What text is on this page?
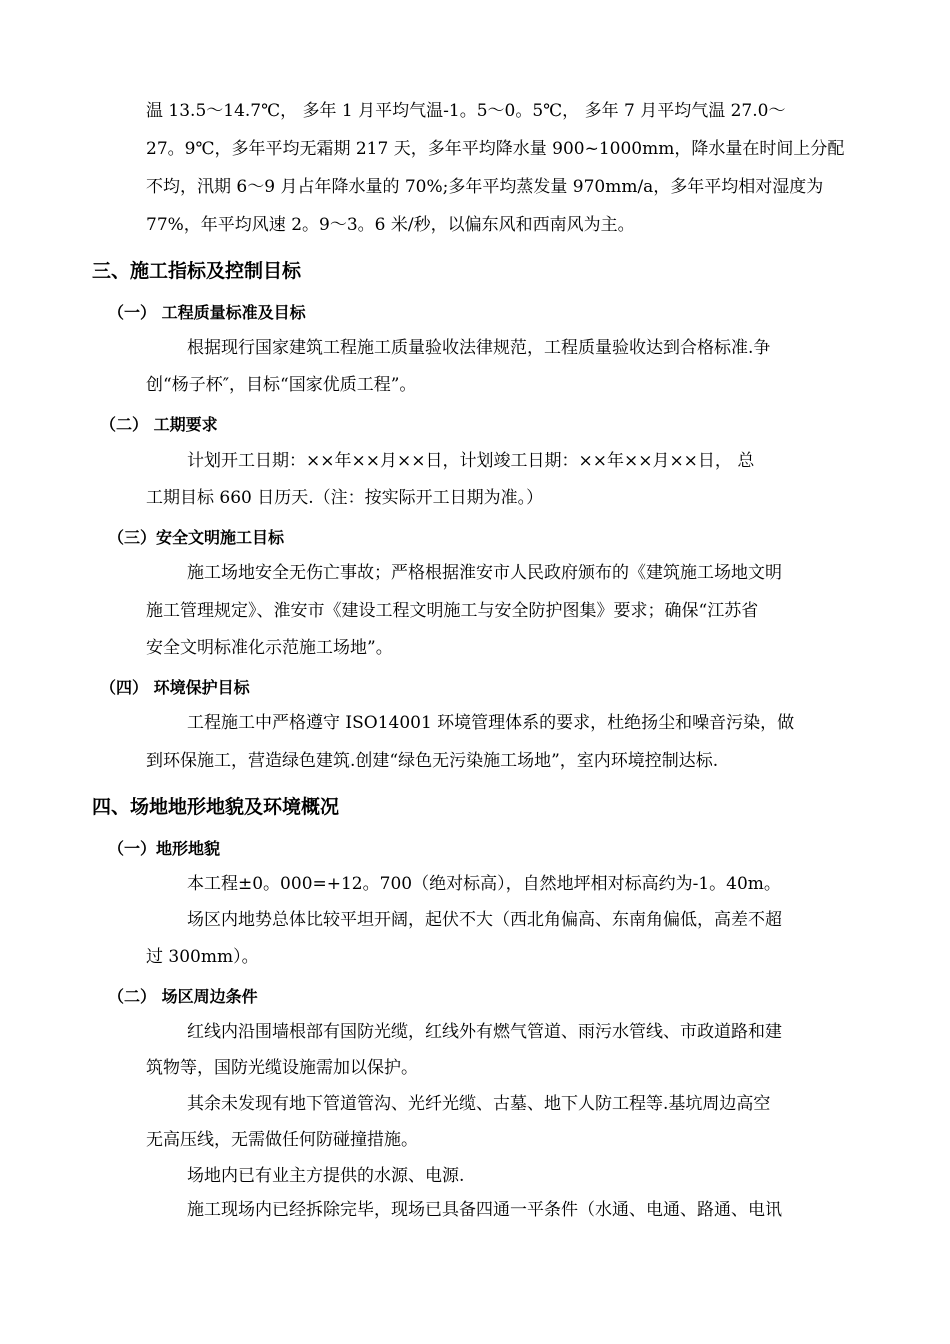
温 13.5～14.7℃， 多年 1 月平均气温-1。5～0。5℃， 多年 7 月平均气温 27.0～
27。9℃，多年平均无霜期 217 天，多年平均降水量 900~1000mm，降水量在时间上分配
不均，汛期 6～9 月占年降水量的 70%;多年平均蒸发量 970mm/a，多年平均相对湿度为
77%，年平均风速 2。9～3。6 米/秒，以偏东风和西南风为主。
三、施工指标及控制目标
（一） 工程质量标准及目标
根据现行国家建筑工程施工质量验收法律规范，工程质量验收达到合格标准.争
创“杨子杯″，目标“国家优质工程”。
（二） 工期要求
计划开工日期：××年××月××日，计划竣工日期：××年××月××日， 总
工期目标 660 日历天.（注：按实际开工日期为准。）
（三）安全文明施工目标
施工场地安全无伤亡事故；严格根据淮安市人民政府颁布的《建筑施工场地文明
施工管理规定》、淮安市《建设工程文明施工与安全防护图集》要求；确保“江苏省
安全文明标准化示范施工场地”。
（四） 环境保护目标
工程施工中严格遵守 ISO14001 环境管理体系的要求，杜绝扬尘和噪音污染，做
到环保施工，营造绿色建筑.创建“绿色无污染施工场地”，室内环境控制达标.
四、场地地形地貌及环境概况
（一）地形地貌
本工程±0。000=+12。700（绝对标高），自然地坪相对标高约为-1。40m。
场区内地势总体比较平坦开阔，起伏不大（西北角偏高、东南角偏低，高差不超
过 300mm）。
（二） 场区周边条件
红线内沿围墙根部有国防光缆，红线外有燃气管道、雨污水管线、市政道路和建
筑物等，国防光缆设施需加以保护。
其余未发现有地下管道管沟、光纤光缆、古墓、地下人防工程等.基坑周边高空
无高压线，无需做任何防碰撞措施。
场地内已有业主方提供的水源、电源.
施工现场内已经拆除完毕，现场已具备四通一平条件（水通、电通、路通、电讯
